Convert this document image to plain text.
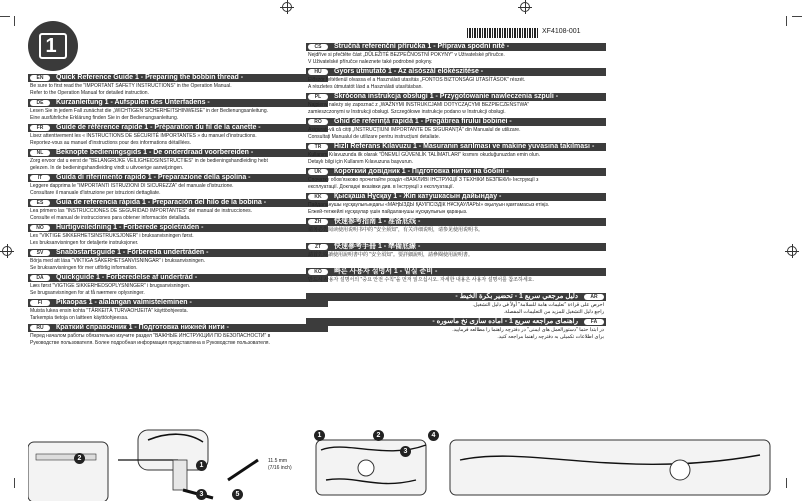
1
XF4108-001
EN	Quick Reference Guide 1 - Preparing the bobbin thread -
Be sure to first read the "IMPORTANT SAFETY INSTRUCTIONS" in the Operation Manual.
Refer to the Operation Manual for detailed instruction.
DE	Kurzanleitung 1 - Aufspulen des Unterfadens -
Lesen Sie in jedem Fall zunächst die „WICHTIGEN SICHERHEITSHINWEISE" in der Bedienungsanleitung.
Eine ausführliche Erklärung finden Sie in der Bedienungsanleitung.
FR	Guide de référence rapide 1 - Préparation du fil de la canette -
Lisez attentivement les « INSTRUCTIONS DE SÉCURITÉ IMPORTANTES » du manuel d'instructions.
Reportez-vous au manuel d'instructions pour des informations détaillées.
NL	Beknopte bedieningsgids 1 - De onderdraad voorbereiden -
Zorg ervoor dat u eerst de "BELANGRIJKE VEILIGHEIDSINSTRUCTIES" in de bedieningshandleiding hebt
gelezen. In de bedieningshandleiding vindt u uitvoerige aanwijzingen.
IT	Guida di riferimento rapido 1 - Preparazione della spolina -
Leggere dapprima le "IMPORTANTI ISTRUZIONI DI SICUREZZA" del manuale d'istruzione.
Consultare il manuale d'istruzione per istruzioni dettagliate.
ES	Guía de referencia rápida 1 - Preparación del hilo de la bobina -
Lea primero las "INSTRUCCIONES DE SEGURIDAD IMPORTANTES" del manual de instrucciones.
Consulte el manual de instrucciones para obtener información detallada.
NO	Hurtigveiledning 1 - Forberede spoletråden -
Les "VIKTIGE SIKKERHETSINSTRUKSJONER" i bruksanvisningen først.
Les bruksanvisningen for detaljerte instruksjoner.
SV	Snabbstartsguide 1 - Förbereda undertråden -
Börja med att läsa "VIKTIGA SÄKERHETSANVISNINGAR" i bruksanvisningen.
Se bruksanvisningen för mer utförlig information.
DA	Quickguide 1 - Forberedelse af undertråd -
Læs først "VIGTIGE SIKKERHEDSOPLYSNINGER" i brugsanvisningen.
Se brugsanvisningen for at få nærmere oplysninger.
FI	Pikaopas 1 - alalangan valmisteleminen -
Muista lukea ensin kohta "TÄRKEITÄ TURVAOHJEITA" käyttöohjeesta.
Tarkempia tietoja on laitteen käyttöohjeessa.
RU	Краткий справочник 1 - Подготовка нижней нити -
Перед началом работы обязательно изучите раздел "ВАЖНЫЕ ИНСТРУКЦИИ ПО БЕЗОПАСНОСТИ" в
Руководстве пользователя. Более подробная информация представлена в Руководстве пользователя.
CS	Stručná referenční příručka 1 - Příprava spodní nitě -
Nejdříve si přečtěte část „DŮLEŽITÉ BEZPEČNOSTNÍ POKYNY" v Uživatelské příručce.
V Uživatelské příručce naleznete také podrobné pokyny.
HU	Gyors útmutató 1 - Az alsószál előkészítése -
Először feltétlenül olvassa el a Használati utasítás „FONTOS BIZTONSÁGI UTASÍTÁSOK" részét.
A részletes útmutatót lásd a Használati utasításban.
PL	Skrócona instrukcja obsługi 1 - Przygotowanie nawleczenia szpuli -
Najpierw należy się zapoznać z „WAŻNYMI INSTRUKCJAMI DOTYCZĄCYMI BEZPIECZEŃSTWA"
zamieszczonymi w Instrukcji obsługi. Szczegółowe instrukcje podano w Instrukcji obsługi.
RO	Ghid de referință rapidă 1 - Pregătirea firului bobinei -
Asigurați-vă că citiți „INSTRUCȚIUNI IMPORTANTE DE SIGURANȚĂ" din Manualul de utilizare.
Consultați Manualul de utilizare pentru instrucțiuni detaliate.
TR	Hızlı Referans Kılavuzu 1 - Masuranın sarılması ve makine yuvasına takılması -
Kullanım Kılavuzunda ilk olarak "ÖNEMLİ GÜVENLİK TALİMATLARI" kısmını okuduğunuzdan emin olun.
Detaylı bilgi için Kullanım Kılavuzuna başvurun.
UK	Короткий довідник 1 - Підготовка нитки на бобіні -
Спочатку обов'язково прочитайте розділ «ВАЖЛИВІ ІНСТРУКЦІЇ З ТЕХНІКИ БЕЗПЕКИ» Інструкції з
експлуатації. Докладні вказівки див. в Інструкції з експлуатації.
KK	Қысқаша Нұсқау 1 - Жіп катушкасын дайындау -
Пайдаланушы нұсқаулығындағы «МАҢЫЗДЫ ҚАУІПСІЗДІК НҰСҚАУЛАРЫ» оқылуын қамтамасыз етіңіз.
Егжей-тегжейлі нұсқаулар үшін пайдаланушы нұсқаулығын қараңыз.
ZH	快速参考指南 1 - 准备底线 -
请务必先阅读使用说明书中的 "安全须知"，有关详细说明，请参见使用说明书。
ZT	快速參考手冊 1 - 準備底線 -
請首先閱讀使用說明書中的 "安全須知"。要詳細說明，請參閱使用說明書。
KO	빠른 사용자 설명서 1 - 밑실 준비 -
반드시 사용자 설명서의 "중요 안전 수칙"을 먼저 읽으십시오. 자세한 내용은 사용자 설명서를 참조하세요.
AR
دليل مرجعي سريع 1 - تحضير بكرة الخيط -
احرص على قراءة "تعليمات هامة للسلامة" أولاً في دليل التشغيل.
راجع دليل التشغيل للمزيد من التعليمات المفصلة.
FA
راهنمای مراجعه سریع 1 - آماده سازی نخ ماسوره -
در ابتدا حتما "دستورالعمل های ایمنی" در دفترچه راهنما را مطالعه فرمایید.
برای اطلاعات تکمیلی به دفترچه راهنما مراجعه کنید.
2
1
3	5
1	2
3
4
11.5 mm
(7/16 inch)
